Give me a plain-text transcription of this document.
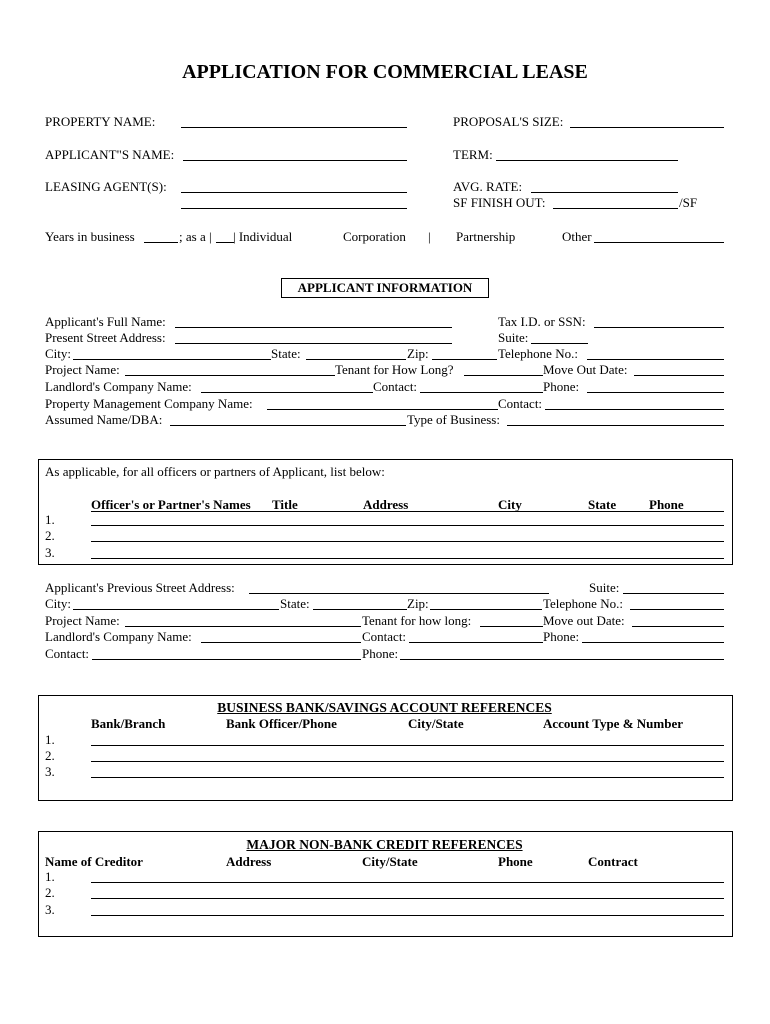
APPLICATION FOR COMMERCIAL LEASE
PROPERTY NAME:	PROPOSAL'S SIZE:
APPLICANT"S NAME:	TERM:
LEASING AGENT(S):	AVG. RATE:
SF FINISH OUT:	/SF
Years in business	; as a | | Individual	Corporation | Partnership	Other
APPLICANT INFORMATION
Applicant's Full Name:	Tax I.D. or SSN:
Present Street Address:	Suite:
City:	State:	Zip:	Telephone No.:
Project Name:	Tenant for How Long?	Move Out Date:
Landlord's Company Name:	Contact:	Phone:
Property Management Company Name:	Contact:
Assumed Name/DBA:	Type of Business:
As applicable, for all officers or partners of Applicant, list below:
Officer's or Partner's Names Title	Address	City	State	Phone
1.
2.
3.
Applicant's Previous Street Address:	Suite:
City:	State:	Zip:	Telephone No.:
Project Name:	Tenant for how long:	Move out Date:
Landlord's Company Name:	Contact:	Phone:
Contact:	Phone:
BUSINESS BANK/SAVINGS ACCOUNT REFERENCES
Bank/Branch	Bank Officer/Phone	City/State	Account Type & Number
1.
2.
3.
MAJOR NON-BANK CREDIT REFERENCES
Name of Creditor	Address	City/State	Phone	Contract
1.
2.
3.
